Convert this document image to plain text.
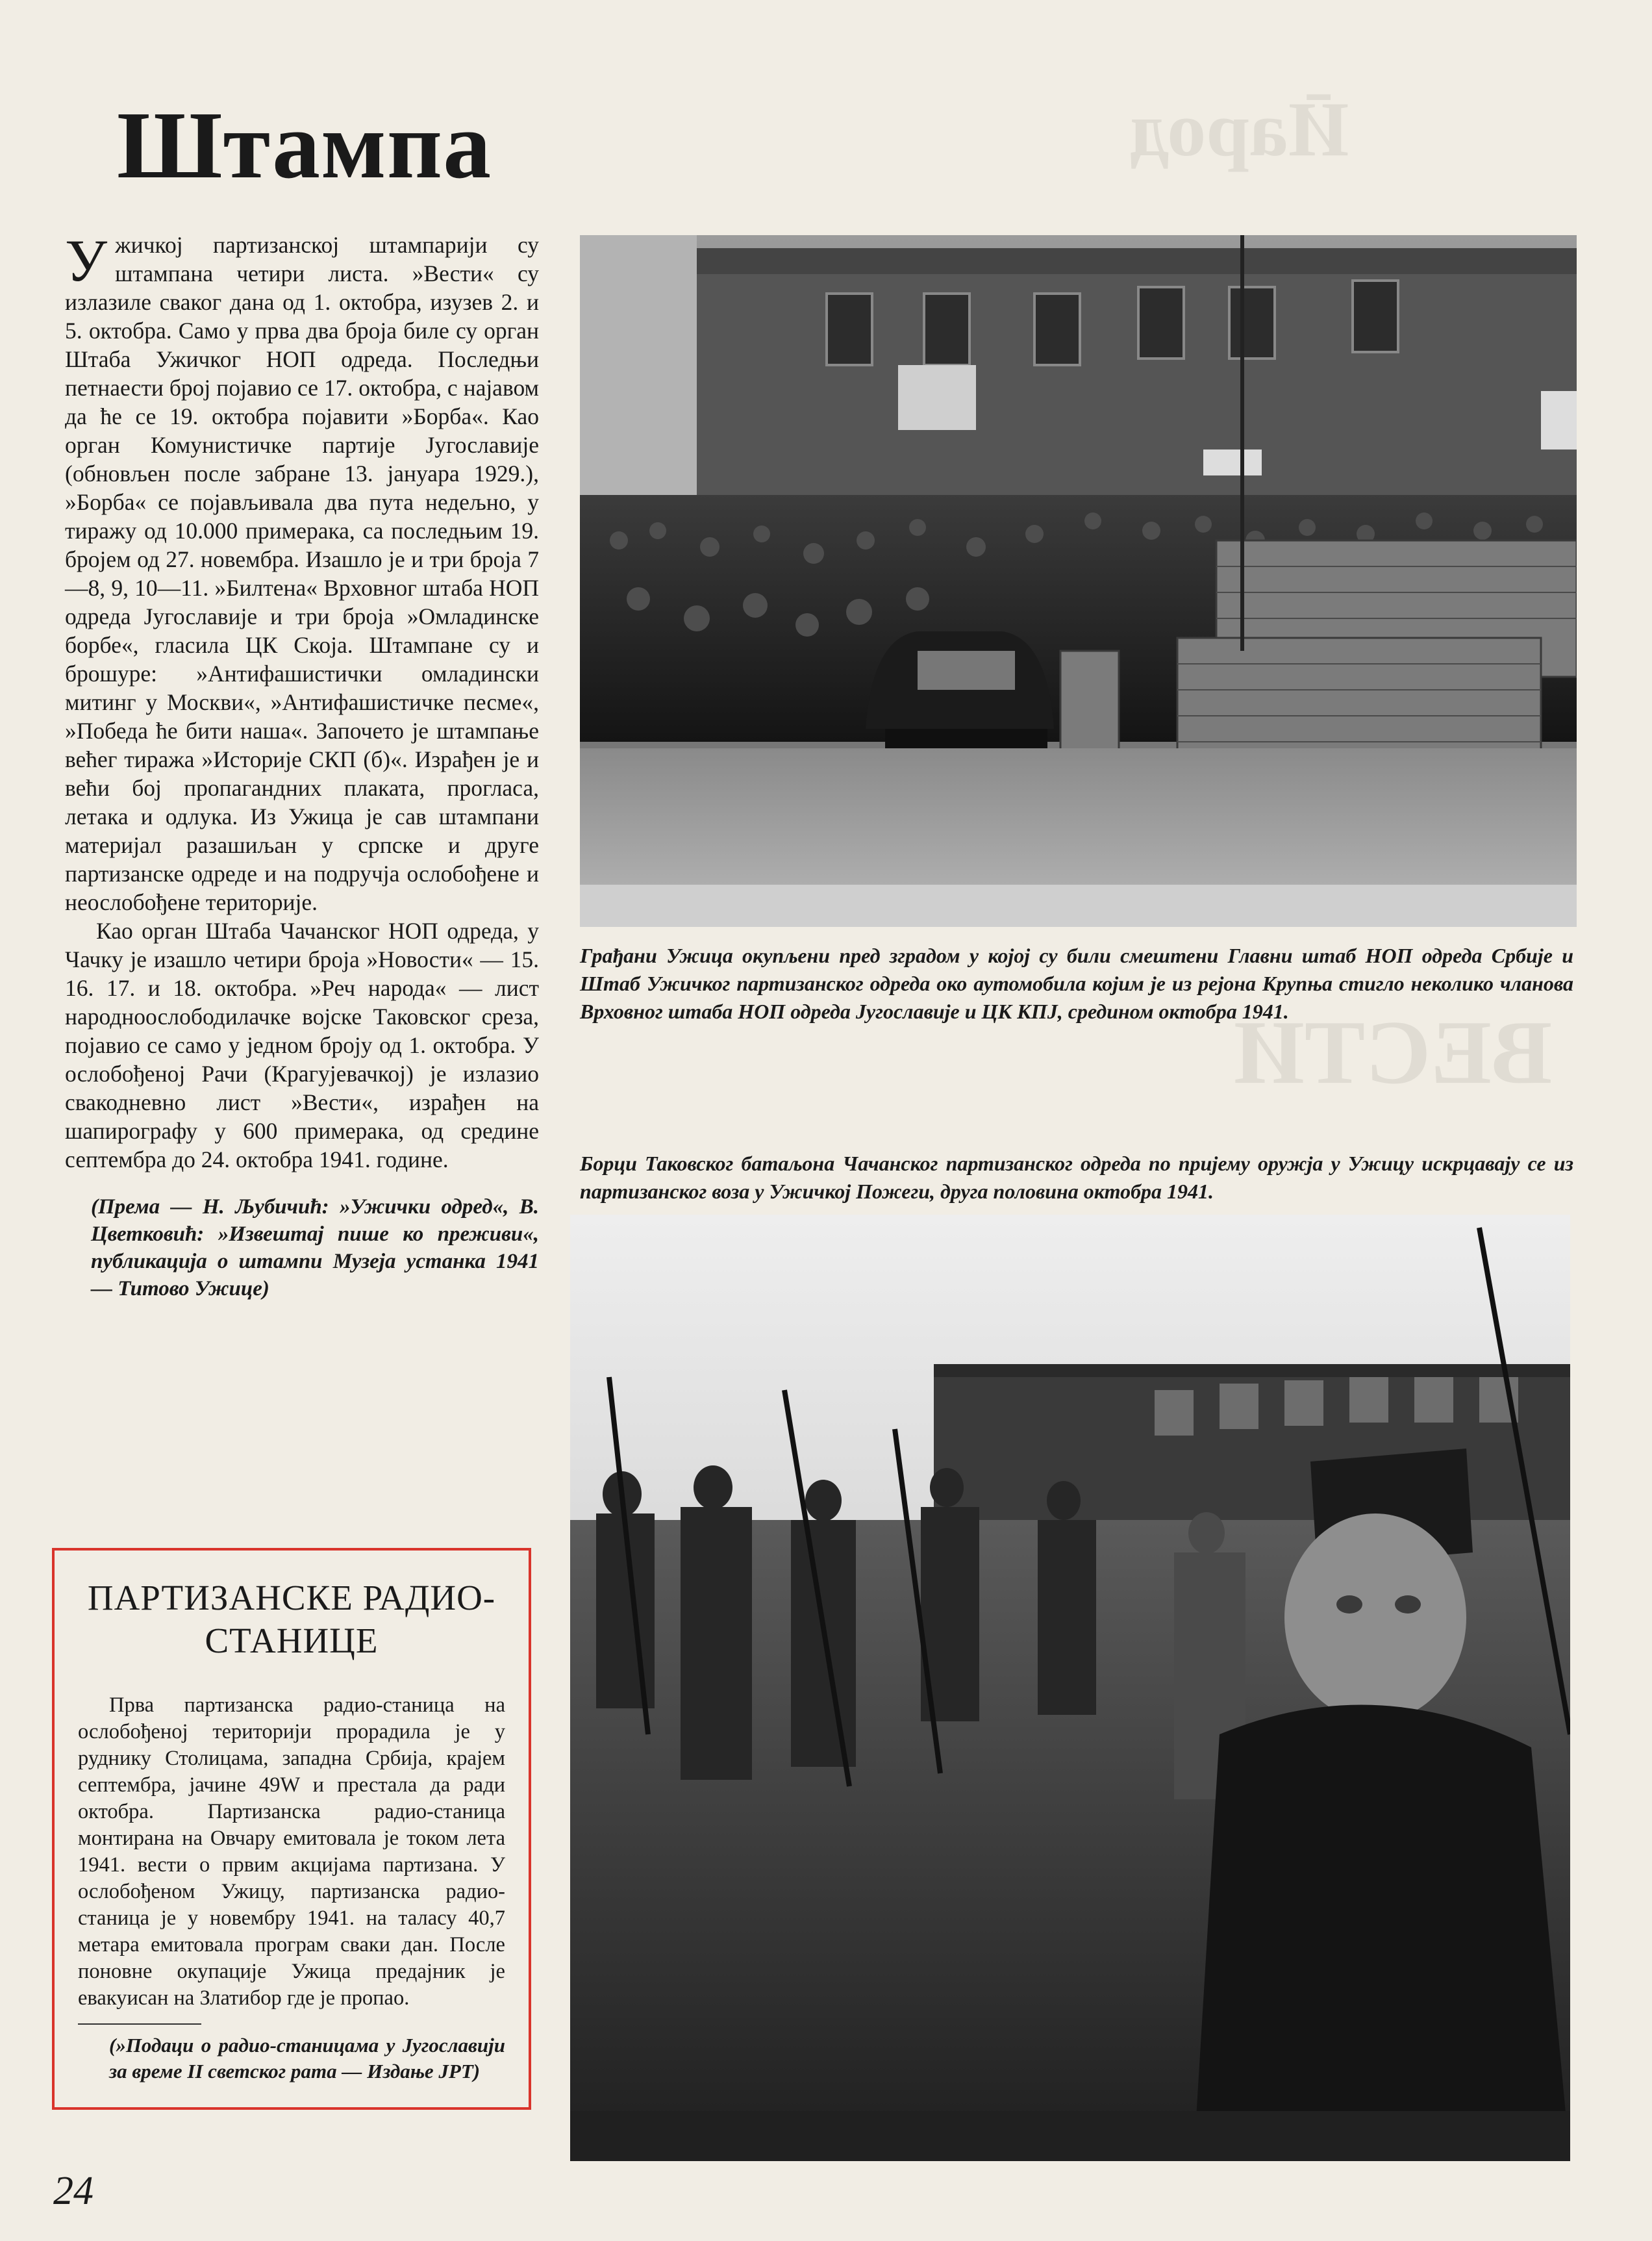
Ӣарод
ВЕСТИ
Штампа

Ужичкој партизанској штампарији су штампана четири листа. »Вести« су излазиле сваког дана од 1. октобра, изузев 2. и 5. октобра. Само у прва два броја биле су орган Штаба Ужичког НОП одреда. Последњи петнаести број појавио се 17. октобра, с најавом да ће се 19. октобра појавити »Борба«. Као орган Комунистичке партије Југославије (обновљен после забране 13. јануара 1929.), »Борба« се појављивала два пута недељно, у тиражу од 10.000 примерака, са последњим 19. бројем од 27. новембра. Изашло је и три броја 7—8, 9, 10—11. »Билтена« Врховног штаба НОП одреда Југославије и три броја »Омладинске борбе«, гласила ЦК Скоја. Штампане су и брошуре: »Антифашистички омладински митинг у Москви«, »Антифашистичке песме«, »Победа ће бити наша«. Започето је штампање већег тиража »Историје СКП (б)«. Израђен је и већи бој пропагандних плаката, прогласа, летака и одлука. Из Ужица је сав штампани материјал разашиљан у српске и друге партизанске одреде и на подручја ослобођене и неослобођене територије.

Као орган Штаба Чачанског НОП одреда, у Чачку је изашло четири броја »Новости« — 15. 16. 17. и 18. октобра. »Реч народа« — лист народноослободилачке војске Таковског среза, појавио се само у једном броју од 1. октобра. У ослобођеној Рачи (Крагујевачкој) је излазио свакодневно лист »Вести«, израђен на шапирографу у 600 примерака, од средине септембра до 24. октобра 1941. године.

(Према — Н. Љубичић: »Ужички одред«, В. Цветковић: »Извештај пише ко преживи«, публикација о штампи Музеја устанка 1941 — Титово Ужице)

ПАРТИЗАНСКЕ РАДИО-СТАНИЦЕ

Прва партизанска радио-станица на ослобођеној територији прорадила је у руднику Столицама, западна Србија, крајем септембра, јачине 49W и престала да ради октобра. Партизанска радио-станица монтирана на Овчару емитовала је током лета 1941. вести о првим акцијама партизана. У ослобођеном Ужицу, партизанска радио-станица је у новембру 1941. на таласу 40,7 метара емитовала програм сваки дан. После поновне окупације Ужица предајник је евакуисан на Златибор где је пропао.

(»Подаци о радио-станицама у Југославији за време II светског рата — Издање ЈРТ)

Грађани Ужица окупљени пред зградом у којој су били смештени Главни штаб НОП одреда Србије и Штаб Ужичког партизанског одреда око аутомобила којим је из рејона Крупња стигло неколико чланова Врховног штаба НОП одреда Југославије и ЦК КПЈ, средином октобра 1941.

Борци Таковског батаљона Чачанског партизанског одреда по пријему оружја у Ужицу искрцавају се из партизанског воза у Ужичкој Пожеги, друга половина октобра 1941.

24
